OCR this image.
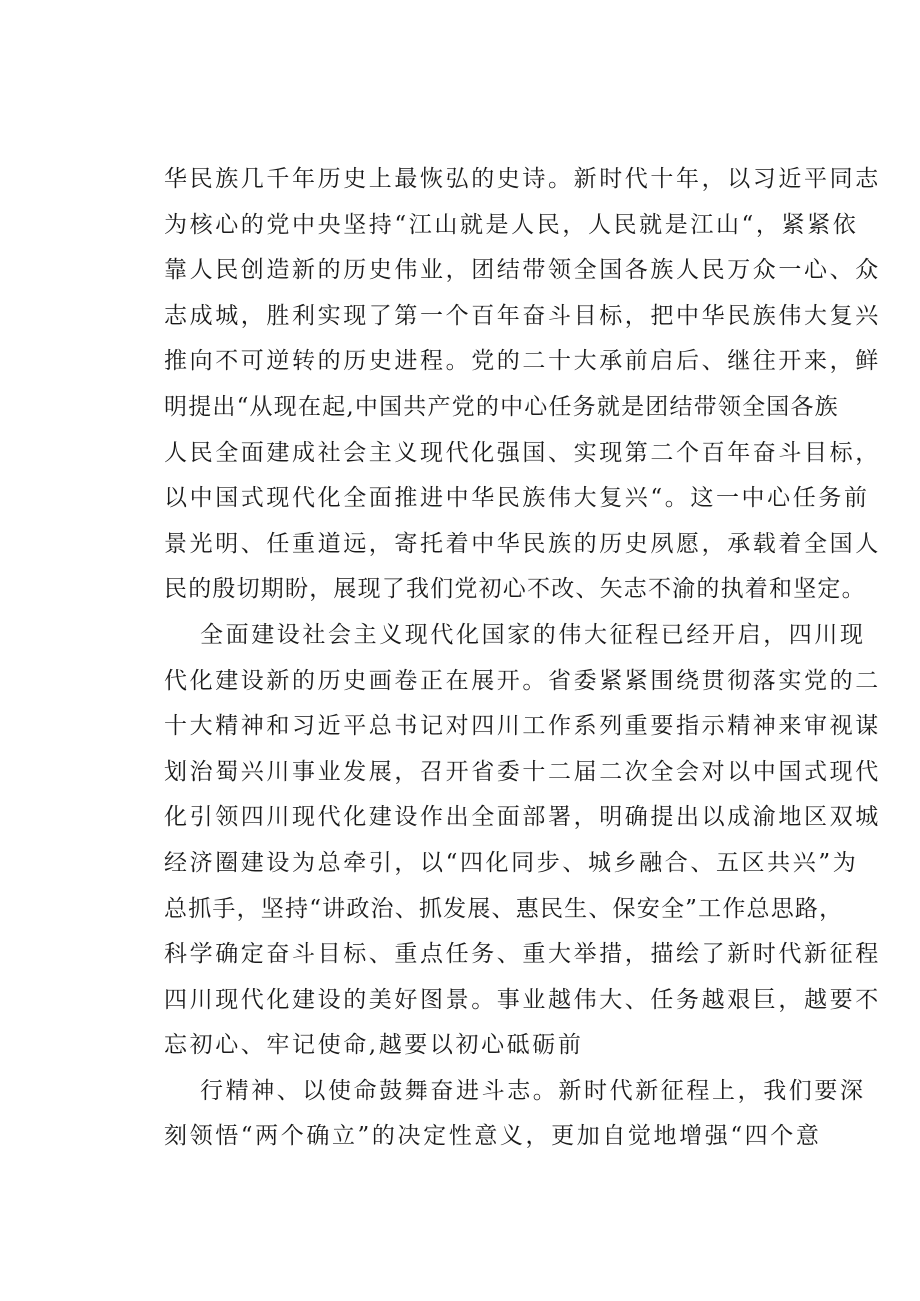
华民族几千年历史上最恢弘的史诗。新时代十年，以习近平同志
为核心的党中央坚持“江山就是人民，人民就是江山“，紧紧依
靠人民创造新的历史伟业，团结带领全国各族人民万众一心、众
志成城，胜利实现了第一个百年奋斗目标，把中华民族伟大复兴
推向不可逆转的历史进程。党的二十大承前启后、继往开来，鲜
明提出“从现在起,中国共产党的中心任务就是团结带领全国各族
人民全面建成社会主义现代化强国、实现第二个百年奋斗目标，
以中国式现代化全面推进中华民族伟大复兴“。这一中心任务前
景光明、任重道远，寄托着中华民族的历史夙愿，承载着全国人
民的殷切期盼，展现了我们党初心不改、矢志不渝的执着和坚定。
全面建设社会主义现代化国家的伟大征程已经开启，四川现
代化建设新的历史画卷正在展开。省委紧紧围绕贯彻落实党的二
十大精神和习近平总书记对四川工作系列重要指示精神来审视谋
划治蜀兴川事业发展，召开省委十二届二次全会对以中国式现代
化引领四川现代化建设作出全面部署，明确提出以成渝地区双城
经济圈建设为总牵引，以“四化同步、城乡融合、五区共兴”为
总抓手，坚持“讲政治、抓发展、惠民生、保安全”工作总思路，
科学确定奋斗目标、重点任务、重大举措，描绘了新时代新征程
四川现代化建设的美好图景。事业越伟大、任务越艰巨，越要不
忘初心、牢记使命,越要以初心砥砺前
行精神、以使命鼓舞奋进斗志。新时代新征程上，我们要深
刻领悟“两个确立”的决定性意义，更加自觉地增强“四个意
